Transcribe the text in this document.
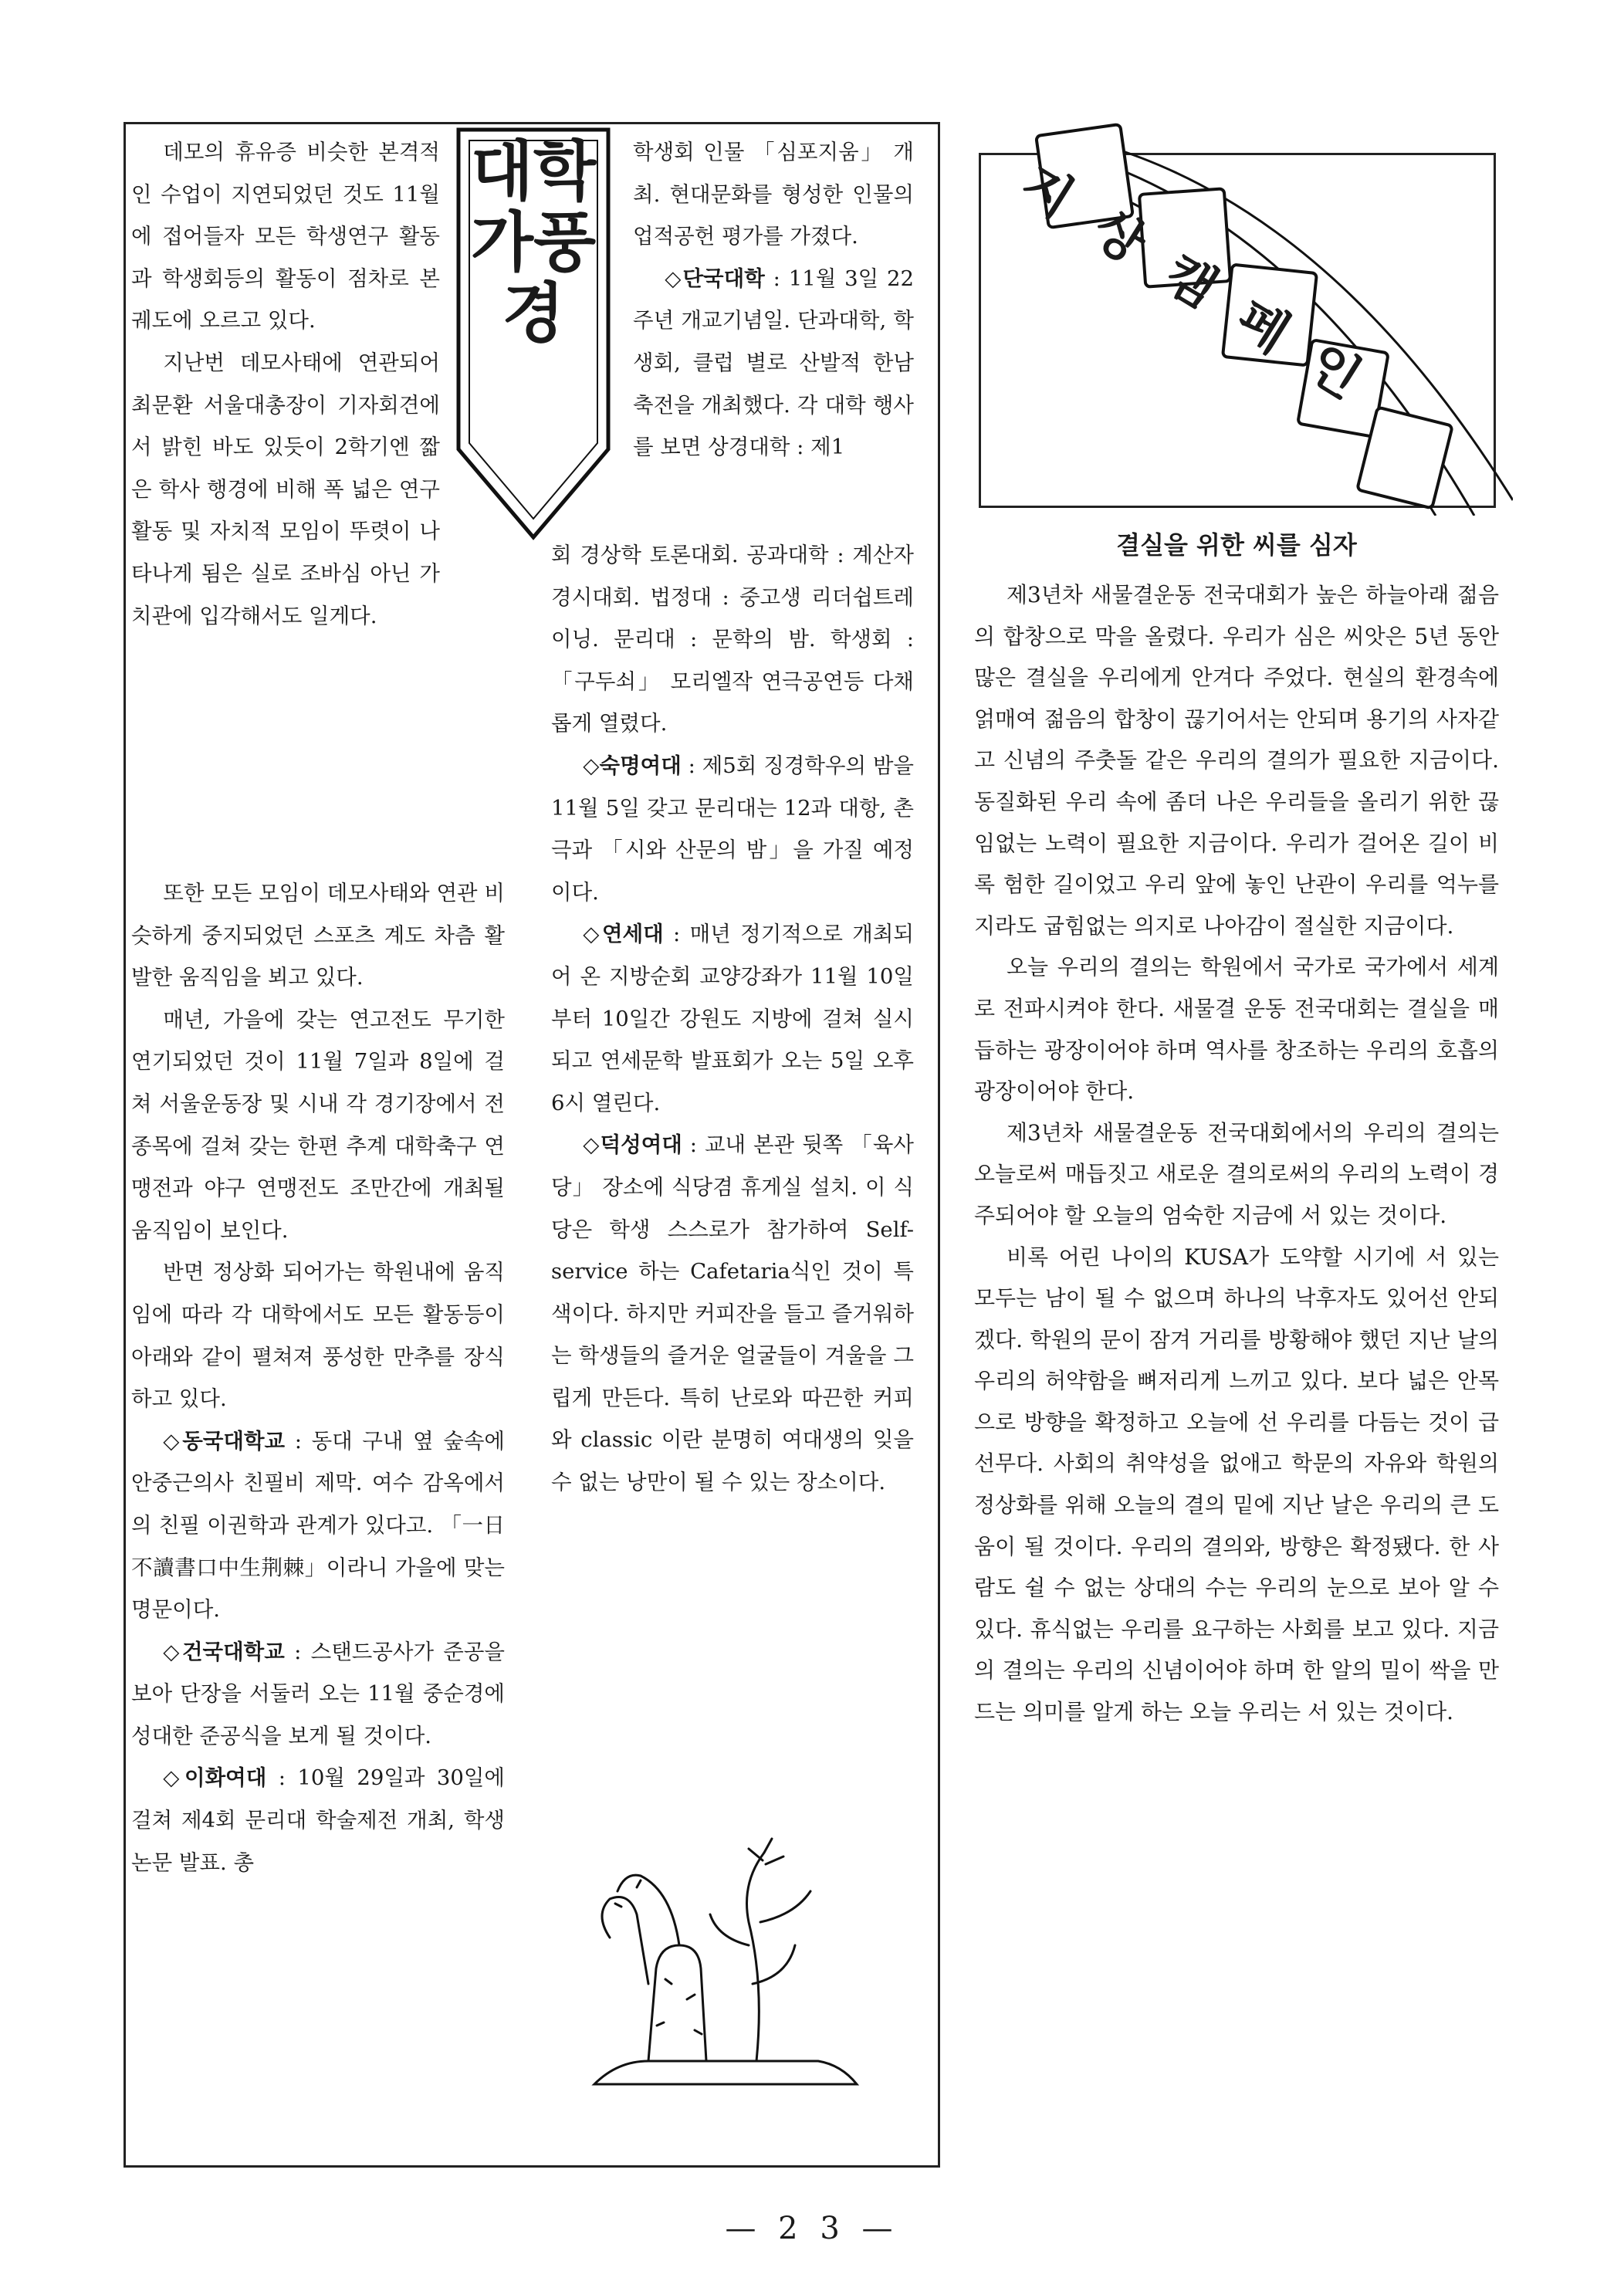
데모의 휴유증 비슷한 본격적인 수업이 지연되었던 것도 11월에 접어들자 모든 학생연구 활동과 학생회등의 활동이 점차로 본 궤도에 오르고 있다.

지난번 데모사태에 연관되어 최문환 서울대총장이 기자회견에서 밝힌 바도 있듯이 2학기엔 짧은 학사 행경에 비해 폭 넓은 연구활동 및 자치적 모임이 뚜렷이 나타나게 됨은 실로 조바심 아닌 가치관에 입각해서도 일게다.

또한 모든 모임이 데모사태와 연관 비슷하게 중지되었던 스포츠 계도 차츰 활발한 움직임을 뵈고 있다.

매년, 가을에 갖는 연고전도 무기한 연기되었던 것이 11월 7일과 8일에 걸쳐 서울운동장 및 시내 각 경기장에서 전 종목에 걸쳐 갖는 한편 추계 대학축구 연맹전과 야구 연맹전도 조만간에 개최될 움직임이 보인다.

반면 정상화 되어가는 학원내에 움직임에 따라 각 대학에서도 모든 활동등이 아래와 같이 펼쳐져 풍성한 만추를 장식하고 있다.

◇동국대학교 : 동대 구내 옆 숲속에 안중근의사 친필비 제막. 여수 감옥에서의 친필 이권학과 관계가 있다고. 「一日不讀書口中生荆棘」이라니 가을에 맞는 명문이다.

◇건국대학교 : 스탠드공사가 준공을 보아 단장을 서둘러 오는 11월 중순경에 성대한 준공식을 보게 될 것이다.

◇이화여대 : 10월 29일과 30일에 걸쳐 제4회 문리대 학술제전 개최, 학생논문 발표. 총

대학가풍경

학생회 인물 「심포지움」 개최. 현대문화를 형성한 인물의 업적공헌 평가를 가졌다.

◇단국대학 : 11월 3일 22주년 개교기념일. 단과대학, 학생회, 클럽 별로 산발적 한남 축전을 개최했다. 각 대학 행사를 보면 상경대학 : 제1

회 경상학 토론대회. 공과대학 : 계산자 경시대회. 법정대 : 중고생 리더쉽트레이닝. 문리대 : 문학의 밤. 학생회 : 「구두쇠」 모리엘작 연극공연등 다채롭게 열렸다.

◇숙명여대 : 제5회 징경학우의 밤을 11월 5일 갖고 문리대는 12과 대항, 촌극과 「시와 산문의 밤」을 가질 예정이다.

◇연세대 : 매년 정기적으로 개최되어 온 지방순회 교양강좌가 11월 10일부터 10일간 강원도 지방에 걸쳐 실시되고 연세문학 발표회가 오는 5일 오후 6시 열린다.

◇덕성여대 : 교내 본관 뒷쪽 「육사당」 장소에 식당겸 휴게실 설치. 이 식당은 학생 스스로가 참가하여 Self-service 하는 Cafetaria식인 것이 특색이다. 하지만 커피잔을 들고 즐거워하는 학생들의 즐거운 얼굴들이 겨울을 그립게 만든다. 특히 난로와 따끈한 커피와 classic 이란 분명히 여대생의 잊을 수 없는 낭만이 될 수 있는 장소이다.

지상캠페인
결실을 위한 씨를 심자

제3년차 새물결운동 전국대회가 높은 하늘아래 젊음의 합창으로 막을 올렸다. 우리가 심은 씨앗은 5년 동안 많은 결실을 우리에게 안겨다 주었다. 현실의 환경속에 얽매여 젊음의 합창이 끊기어서는 안되며 용기의 사자같고 신념의 주춧돌 같은 우리의 결의가 필요한 지금이다. 동질화된 우리 속에 좀더 나은 우리들을 올리기 위한 끊임없는 노력이 필요한 지금이다. 우리가 걸어온 길이 비록 험한 길이었고 우리 앞에 놓인 난관이 우리를 억누를지라도 굽힘없는 의지로 나아감이 절실한 지금이다.

오늘 우리의 결의는 학원에서 국가로 국가에서 세계로 전파시켜야 한다. 새물결 운동 전국대회는 결실을 매듭하는 광장이어야 하며 역사를 창조하는 우리의 호흡의 광장이어야 한다.

제3년차 새물결운동 전국대회에서의 우리의 결의는 오늘로써 매듭짓고 새로운 결의로써의 우리의 노력이 경주되어야 할 오늘의 엄숙한 지금에 서 있는 것이다.

비록 어린 나이의 KUSA가 도약할 시기에 서 있는 모두는 남이 될 수 없으며 하나의 낙후자도 있어선 안되겠다. 학원의 문이 잠겨 거리를 방황해야 했던 지난 날의 우리의 허약함을 뼈저리게 느끼고 있다. 보다 넓은 안목으로 방향을 확정하고 오늘에 선 우리를 다듬는 것이 급선무다. 사회의 취약성을 없애고 학문의 자유와 학원의 정상화를 위해 오늘의 결의 밑에 지난 날은 우리의 큰 도움이 될 것이다. 우리의 결의와, 방향은 확정됐다. 한 사람도 쉴 수 없는 상대의 수는 우리의 눈으로 보아 알 수 있다. 휴식없는 우리를 요구하는 사회를 보고 있다. 지금의 결의는 우리의 신념이어야 하며 한 알의 밀이 싹을 만드는 의미를 알게 하는 오늘 우리는 서 있는 것이다.

— 2 3 —
